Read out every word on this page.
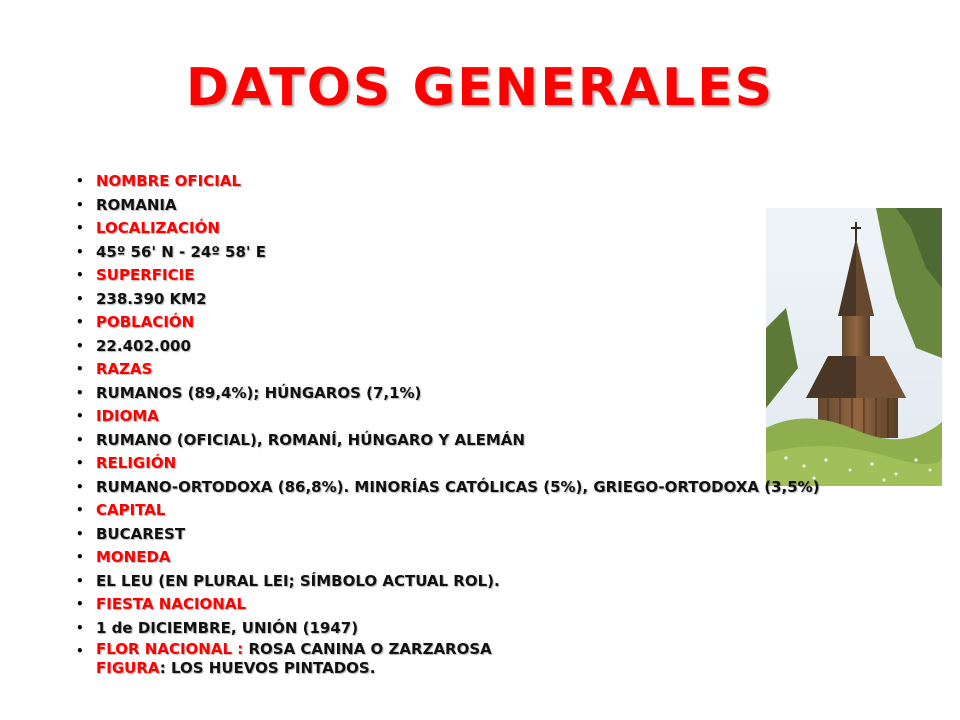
DATOS GENERALES
• NOMBRE OFICIAL
• ROMANIA
• LOCALIZACIÓN
• 45º 56' N - 24º 58' E
• SUPERFICIE
• 238.390 KM2
• POBLACIÓN
• 22.402.000
• RAZAS
• RUMANOS (89,4%); HÚNGAROS (7,1%)
• IDIOMA
• RUMANO (OFICIAL), ROMANÍ, HÚNGARO Y ALEMÁN
• RELIGIÓN
• RUMANO-ORTODOXA (86,8%). MINORÍAS CATÓLICAS (5%), GRIEGO-ORTODOXA (3,5%)
• CAPITAL
• BUCAREST
• MONEDA
• EL LEU (EN PLURAL LEI; SÍMBOLO ACTUAL ROL).
• FIESTA NACIONAL
• 1 de DICIEMBRE, UNIÓN (1947)
• FLOR NACIONAL : ROSA CANINA O ZARZAROSA
FIGURA: LOS HUEVOS PINTADOS.
